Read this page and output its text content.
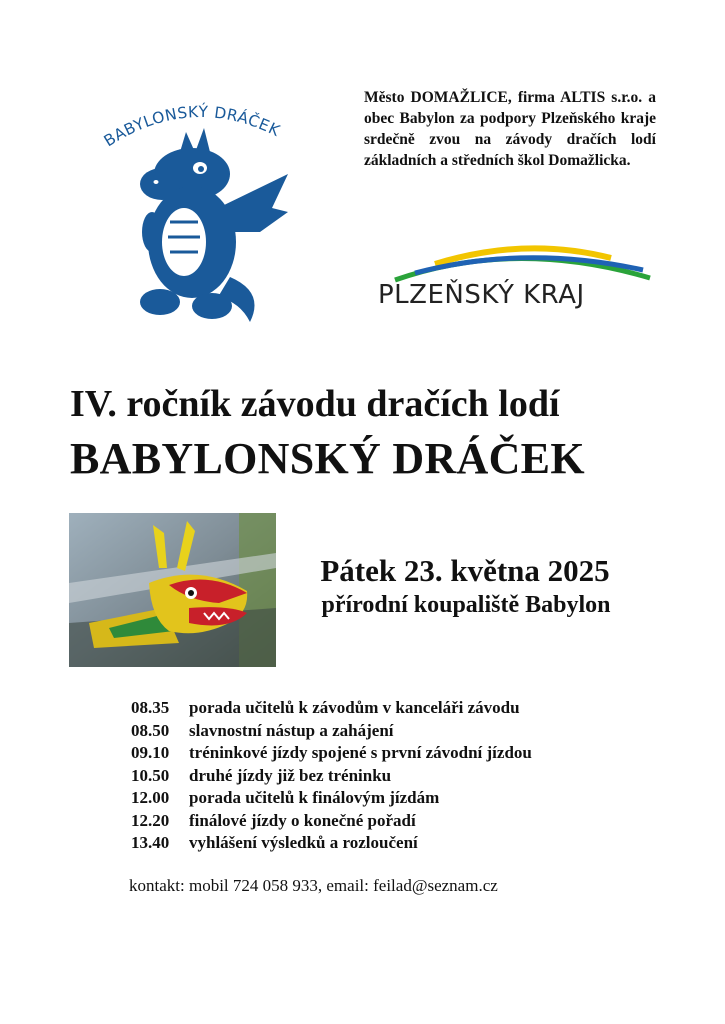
BABYLONSKÝ DRÁČEK
Město DOMAŽLICE, firma ALTIS s.r.o. a obec Babylon za podpory Plzeňského kraje srdečně zvou na závody dračích lodí základních a středních škol Domažlicka.
PLZEŇSKÝ KRAJ
IV. ročník závodu dračích lodí
BABYLONSKÝ DRÁČEK
Pátek 23. května 2025
přírodní koupaliště Babylon
08.35 porada učitelů k závodům v kanceláři závodu
08.50 slavnostní nástup a zahájení
09.10 tréninkové jízdy spojené s první závodní jízdou
10.50 druhé jízdy již bez tréninku
12.00 porada učitelů k finálovým jízdám
12.20 finálové jízdy o konečné pořadí
13.40 vyhlášení výsledků a rozloučení
kontakt: mobil 724 058 933, email: feilad@seznam.cz
